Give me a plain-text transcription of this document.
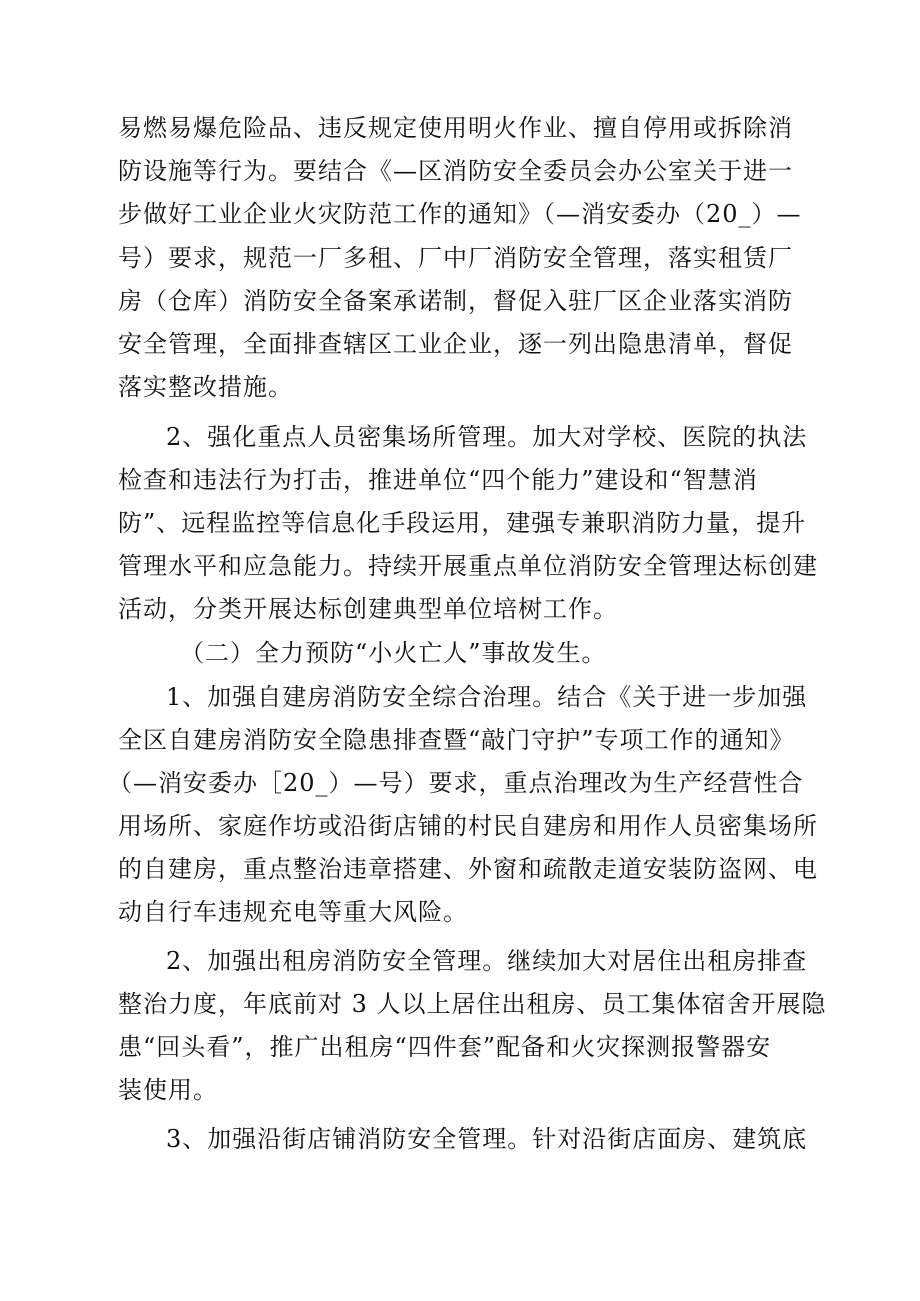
易燃易爆危险品、违反规定使用明火作业、擅自停用或拆除消
防设施等行为。要结合《—区消防安全委员会办公室关于进一
步做好工业企业火灾防范工作的通知》（—消安委办（20_）—
号）要求，规范一厂多租、厂中厂消防安全管理，落实租赁厂
房（仓库）消防安全备案承诺制，督促入驻厂区企业落实消防
安全管理，全面排查辖区工业企业，逐一列出隐患清单，督促
落实整改措施。
2、强化重点人员密集场所管理。加大对学校、医院的执法
检查和违法行为打击，推进单位“四个能力”建设和“智慧消
防”、远程监控等信息化手段运用，建强专兼职消防力量，提升
管理水平和应急能力。持续开展重点单位消防安全管理达标创建
活动，分类开展达标创建典型单位培树工作。
（二）全力预防“小火亡人”事故发生。
1、加强自建房消防安全综合治理。结合《关于进一步加强
全区自建房消防安全隐患排查暨“敲门守护”专项工作的通知》
（—消安委办［20_）—号）要求，重点治理改为生产经营性合
用场所、家庭作坊或沿街店铺的村民自建房和用作人员密集场所
的自建房，重点整治违章搭建、外窗和疏散走道安装防盗网、电
动自行车违规充电等重大风险。
2、加强出租房消防安全管理。继续加大对居住出租房排查
整治力度，年底前对 3 人以上居住出租房、员工集体宿舍开展隐
患“回头看”，推广出租房“四件套”配备和火灾探测报警器安
装使用。
3、加强沿街店铺消防安全管理。针对沿街店面房、建筑底
